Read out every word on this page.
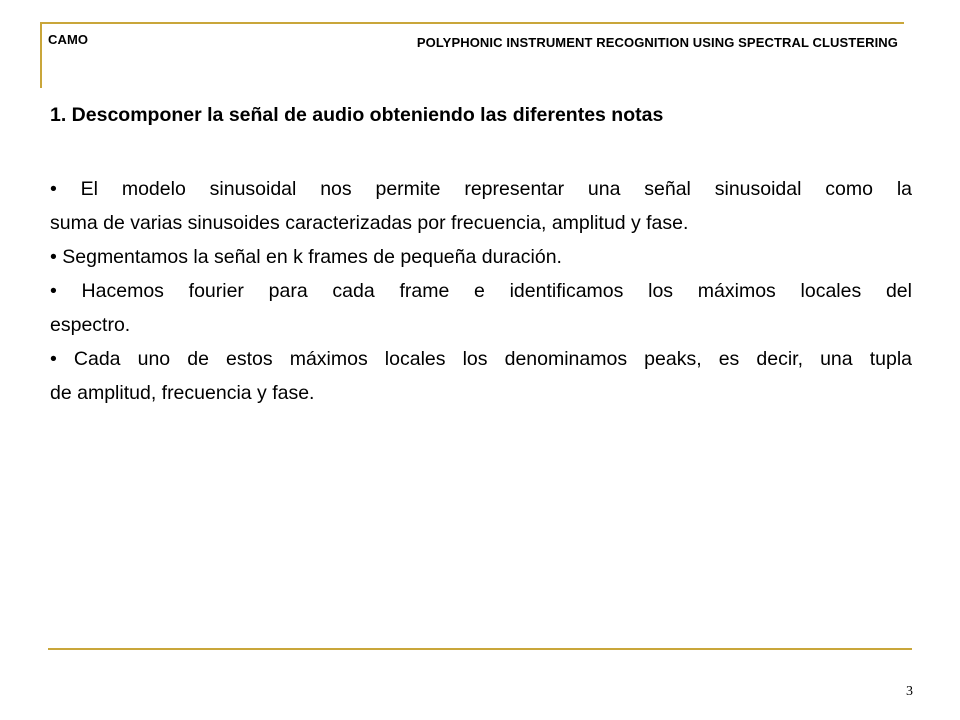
CAMO	POLYPHONIC INSTRUMENT RECOGNITION USING SPECTRAL CLUSTERING
1. Descomponer la señal de audio obteniendo las diferentes notas
• El modelo sinusoidal nos permite representar una señal sinusoidal como la
suma de varias sinusoides caracterizadas por frecuencia, amplitud y fase.
• Segmentamos la señal en k frames de pequeña duración.
• Hacemos fourier para cada frame e identificamos los máximos locales del
espectro.
• Cada uno de estos máximos locales los denominamos peaks, es decir, una tupla
de amplitud, frecuencia y fase.
3
